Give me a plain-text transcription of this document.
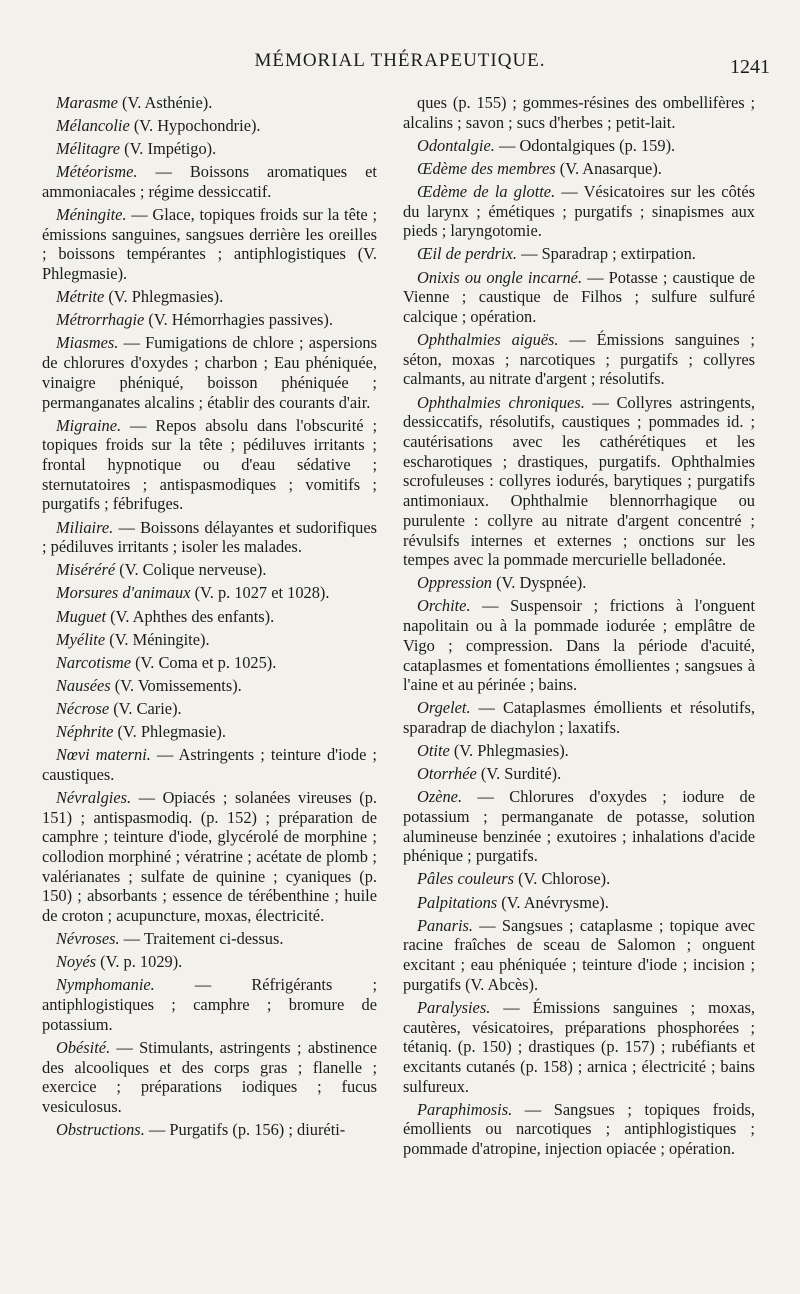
MÉMORIAL THÉRAPEUTIQUE.	1241

Marasme (V. Asthénie).

Mélancolie (V. Hypochondrie).

Mélitagre (V. Impétigo).

Météorisme. — Boissons aromatiques et ammoniacales ; régime dessiccatif.

Méningite. — Glace, topiques froids sur la tête ; émissions sanguines, sangsues derrière les oreilles ; boissons tempérantes ; antiphlogistiques (V. Phlegmasie).

Métrite (V. Phlegmasies).

Métrorrhagie (V. Hémorrhagies passives).

Miasmes. — Fumigations de chlore ; aspersions de chlorures d'oxydes ; charbon ; Eau phéniquée, vinaigre phéniqué, boisson phéniquée ; permanganates alcalins ; établir des courants d'air.

Migraine. — Repos absolu dans l'obscurité ; topiques froids sur la tête ; pédiluves irritants ; frontal hypnotique ou d'eau sédative ; sternutatoires ; antispasmodiques ; vomitifs ; purgatifs ; fébrifuges.

Miliaire. — Boissons délayantes et sudorifiques ; pédiluves irritants ; isoler les malades.

Miséréré (V. Colique nerveuse).

Morsures d'animaux (V. p. 1027 et 1028).

Muguet (V. Aphthes des enfants).

Myélite (V. Méningite).

Narcotisme (V. Coma et p. 1025).

Nausées (V. Vomissements).

Nécrose (V. Carie).

Néphrite (V. Phlegmasie).

Nœvi materni. — Astringents ; teinture d'iode ; caustiques.

Névralgies. — Opiacés ; solanées vireuses (p. 151) ; antispasmodiq. (p. 152) ; préparation de camphre ; teinture d'iode, glycérolé de morphine ; collodion morphiné ; vératrine ; acétate de plomb ; valérianates ; sulfate de quinine ; cyaniques (p. 150) ; absorbants ; essence de térébenthine ; huile de croton ; acupuncture, moxas, électricité.

Névroses. — Traitement ci-dessus.

Noyés (V. p. 1029).

Nymphomanie. — Réfrigérants ; antiphlogistiques ; camphre ; bromure de potassium.

Obésité. — Stimulants, astringents ; abstinence des alcooliques et des corps gras ; flanelle ; exercice ; préparations iodiques ; fucus vesiculosus.

Obstructions. — Purgatifs (p. 156) ; diuréti-

ques (p. 155) ; gommes-résines des ombellifères ; alcalins ; savon ; sucs d'herbes ; petit-lait.

Odontalgie. — Odontalgiques (p. 159).

Œdème des membres (V. Anasarque).

Œdème de la glotte. — Vésicatoires sur les côtés du larynx ; émétiques ; purgatifs ; sinapismes aux pieds ; laryngotomie.

Œil de perdrix. — Sparadrap ; extirpation.

Onixis ou ongle incarné. — Potasse ; caustique de Vienne ; caustique de Filhos ; sulfure sulfuré calcique ; opération.

Ophthalmies aiguës. — Émissions sanguines ; séton, moxas ; narcotiques ; purgatifs ; collyres calmants, au nitrate d'argent ; résolutifs.

Ophthalmies chroniques. — Collyres astringents, dessiccatifs, résolutifs, caustiques ; pommades id. ; cautérisations avec les cathérétiques et les escharotiques ; drastiques, purgatifs. Ophthalmies scrofuleuses : collyres iodurés, barytiques ; purgatifs antimoniaux. Ophthalmie blennorrhagique ou purulente : collyre au nitrate d'argent concentré ; révulsifs internes et externes ; onctions sur les tempes avec la pommade mercurielle belladonée.

Oppression (V. Dyspnée).

Orchite. — Suspensoir ; frictions à l'onguent napolitain ou à la pommade iodurée ; emplâtre de Vigo ; compression. Dans la période d'acuité, cataplasmes et fomentations émollientes ; sangsues à l'aine et au périnée ; bains.

Orgelet. — Cataplasmes émollients et résolutifs, sparadrap de diachylon ; laxatifs.

Otite (V. Phlegmasies).

Otorrhée (V. Surdité).

Ozène. — Chlorures d'oxydes ; iodure de potassium ; permanganate de potasse, solution alumineuse benzinée ; exutoires ; inhalations d'acide phénique ; purgatifs.

Pâles couleurs (V. Chlorose).

Palpitations (V. Anévrysme).

Panaris. — Sangsues ; cataplasme ; topique avec racine fraîches de sceau de Salomon ; onguent excitant ; eau phéniquée ; teinture d'iode ; incision ; purgatifs (V. Abcès).

Paralysies. — Émissions sanguines ; moxas, cautères, vésicatoires, préparations phosphorées ; tétaniq. (p. 150) ; drastiques (p. 157) ; rubéfiants et excitants cutanés (p. 158) ; arnica ; électricité ; bains sulfureux.

Paraphimosis. — Sangsues ; topiques froids, émollients ou narcotiques ; antiphlogistiques ; pommade d'atropine, injection opiacée ; opération.
